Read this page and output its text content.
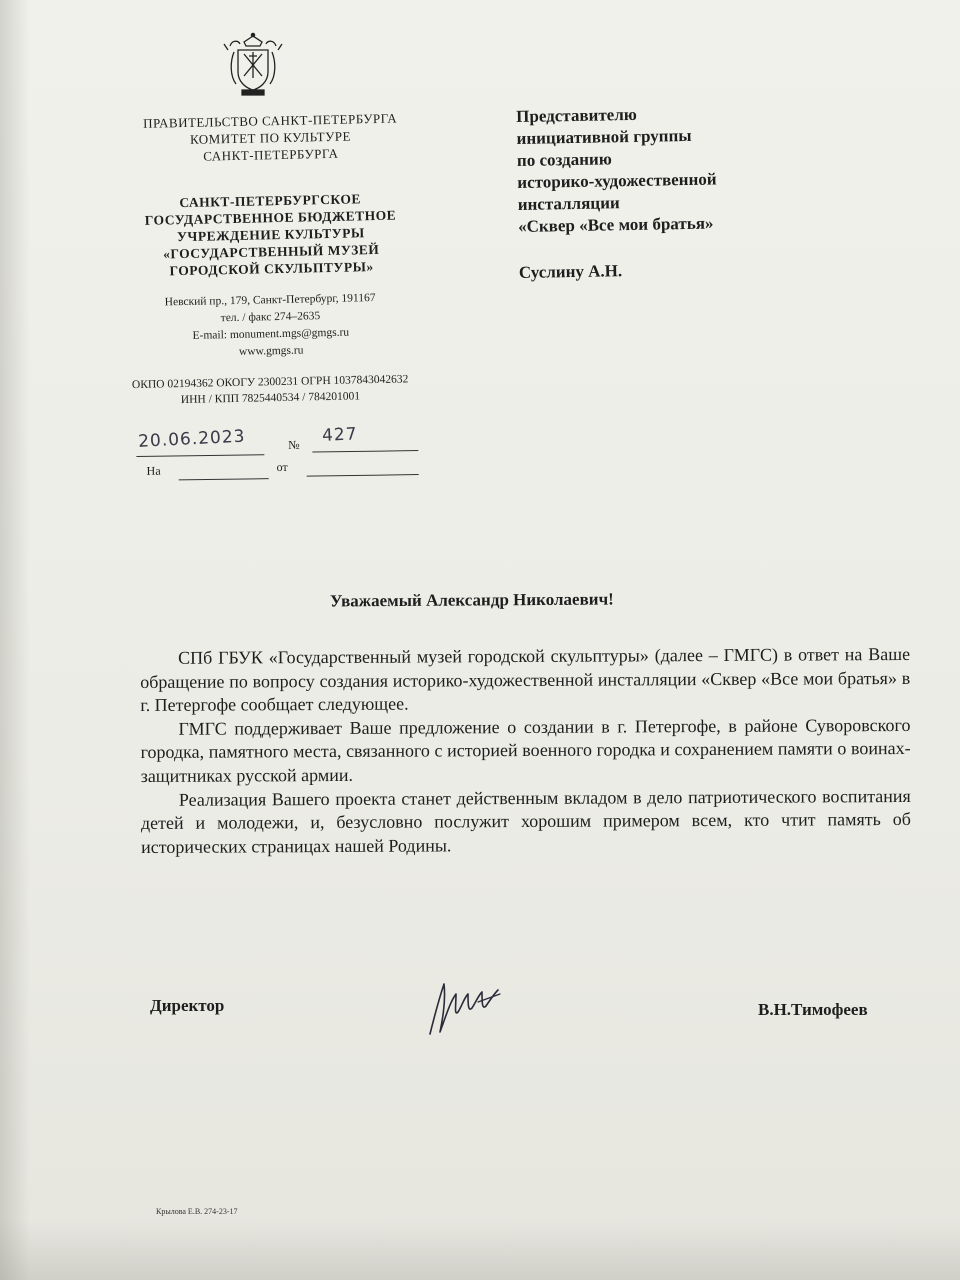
ПРАВИТЕЛЬСТВО САНКТ-ПЕТЕРБУРГА
КОМИТЕТ ПО КУЛЬТУРЕ
САНКТ-ПЕТЕРБУРГА
САНКТ-ПЕТЕРБУРГСКОЕ
ГОСУДАРСТВЕННОЕ БЮДЖЕТНОЕ
УЧРЕЖДЕНИЕ КУЛЬТУРЫ
«ГОСУДАРСТВЕННЫЙ МУЗЕЙ
ГОРОДСКОЙ СКУЛЬПТУРЫ»
Невский пр., 179, Санкт-Петербург, 191167
тел. / факс 274–2635
E-mail: monument.mgs@gmgs.ru
www.gmgs.ru
ОКПО 02194362 ОКОГУ 2300231 ОГРН 1037843042632
ИНН / КПП 7825440534 / 784201001
20.06.2023	№ 427
На	от
Представителю
инициативной группы
по созданию
историко-художественной
инсталляции
«Сквер «Все мои братья»
Суслину А.Н.
Уважаемый Александр Николаевич!

СПб ГБУК «Государственный музей городской скульптуры» (далее – ГМГС) в ответ на Ваше обращение по вопросу создания историко-художественной инсталляции «Сквер «Все мои братья» в г. Петергофе сообщает следующее.

ГМГС поддерживает Ваше предложение о создании в г. Петергофе, в районе Суворовского городка, памятного места, связанного с историей военного городка и сохранением памяти о воинах-защитниках русской армии.

Реализация Вашего проекта станет действенным вкладом в дело патриотического воспитания детей и молодежи, и, безусловно послужит хорошим примером всем, кто чтит память об исторических страницах нашей Родины.

Директор	В.Н.Тимофеев
Крылова Е.В. 274-23-17
